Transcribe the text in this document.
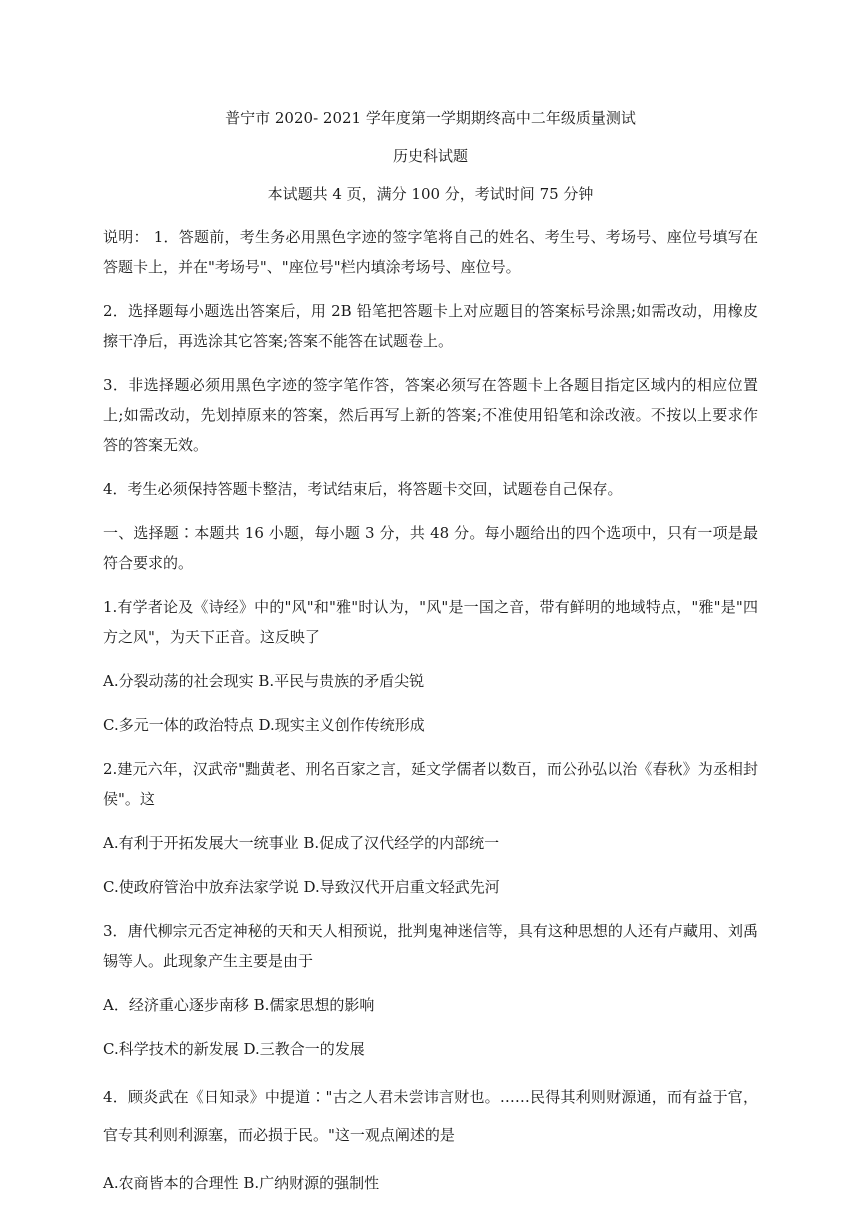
普宁市 2020- 2021 学年度第一学期期终高中二年级质量测试
历史科试题
本试题共 4 页，满分 100 分，考试时间 75 分钟

说明： 1．答题前，考生务必用黑色字迹的签字笔将自己的姓名、考生号、考场号、座位号填写在答题卡上，并在"考场号"、"座位号"栏内填涂考场号、座位号。

2．选择题每小题选出答案后，用 2B 铅笔把答题卡上对应题目的答案标号涂黑;如需改动，用橡皮擦干净后，再选涂其它答案;答案不能答在试题卷上。

3．非选择题必须用黑色字迹的签字笔作答，答案必须写在答题卡上各题目指定区域内的相应位置上;如需改动，先划掉原来的答案，然后再写上新的答案;不准使用铅笔和涂改液。不按以上要求作答的答案无效。

4．考生必须保持答题卡整洁，考试结束后，将答题卡交回，试题卷自己保存。

一、选择题∶本题共 16 小题，每小题 3 分，共 48 分。每小题给出的四个选项中，只有一项是最符合要求的。

1.有学者论及《诗经》中的"风"和"雅"时认为，"风"是一国之音，带有鲜明的地域特点，"雅"是"四方之风"，为天下正音。这反映了

A.分裂动荡的社会现实 B.平民与贵族的矛盾尖锐

C.多元一体的政治特点 D.现实主义创作传统形成

2.建元六年，汉武帝"黜黄老、刑名百家之言，延文学儒者以数百，而公孙弘以治《春秋》为丞相封侯"。这

A.有利于开拓发展大一统事业 B.促成了汉代经学的内部统一

C.使政府管治中放弃法家学说 D.导致汉代开启重文轻武先河

3．唐代柳宗元否定神秘的天和天人相预说，批判鬼神迷信等，具有这种思想的人还有卢藏用、刘禹锡等人。此现象产生主要是由于

A．经济重心逐步南移 B.儒家思想的影响

C.科学技术的新发展 D.三教合一的发展

4．顾炎武在《日知录》中提道∶"古之人君未尝讳言财也。……民得其利则财源通，而有益于官，官专其利则利源塞，而必损于民。"这一观点阐述的是

A.农商皆本的合理性 B.广纳财源的强制性
